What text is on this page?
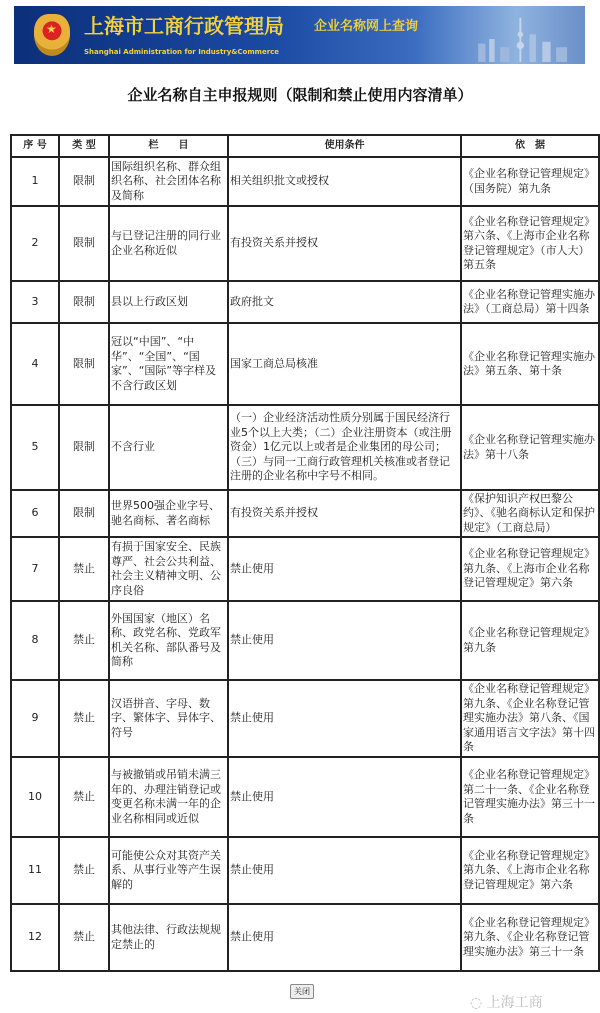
★ 上海市工商行政管理局 企业名称网上查询
Shanghai Administration for Industry&Commerce
企业名称自主申报规则（限制和禁止使用内容清单）
序 号	类 型	栏　　目	使用条件	依　据
1	限制	国际组织名称、群众组织名称、社会团体名称及简称	相关组织批文或授权	《企业名称登记管理规定》（国务院）第九条
2	限制	与已登记注册的同行业企业名称近似	有投资关系并授权	《企业名称登记管理规定》第六条、《上海市企业名称登记管理规定》（市人大）第五条
3	限制	县以上行政区划	政府批文	《企业名称登记管理实施办法》（工商总局）第十四条
4	限制	冠以“中国”、“中华”、“全国”、“国家”、“国际”等字样及不含行政区划	国家工商总局核准	《企业名称登记管理实施办法》第五条、第十条
5	限制	不含行业	（一）企业经济活动性质分别属于国民经济行业5个以上大类；（二）企业注册资本（或注册资金）1亿元以上或者是企业集团的母公司；（三）与同一工商行政管理机关核准或者登记注册的企业名称中字号不相同。	《企业名称登记管理实施办法》第十八条
6	限制	世界500强企业字号、驰名商标、著名商标	有投资关系并授权	《保护知识产权巴黎公约》、《驰名商标认定和保护规定》（工商总局）
7	禁止	有损于国家安全、民族尊严、社会公共利益、社会主义精神文明、公序良俗	禁止使用	《企业名称登记管理规定》第九条、《上海市企业名称登记管理规定》第六条
8	禁止	外国国家（地区）名称、政党名称、党政军机关名称、部队番号及简称	禁止使用	《企业名称登记管理规定》第九条
9	禁止	汉语拼音、字母、数字、繁体字、异体字、符号	禁止使用	《企业名称登记管理规定》第九条、《企业名称登记管理实施办法》第八条、《国家通用语言文字法》第十四条
10	禁止	与被撤销或吊销未满三年的、办理注销登记或变更名称未满一年的企业名称相同或近似	禁止使用	《企业名称登记管理规定》第二十一条、《企业名称登记管理实施办法》第三十一条
11	禁止	可能使公众对其资产关系、从事行业等产生误解的	禁止使用	《企业名称登记管理规定》第九条、《上海市企业名称登记管理规定》第六条
12	禁止	其他法律、行政法规规定禁止的	禁止使用	《企业名称登记管理规定》第九条、《企业名称登记管理实施办法》第三十一条
关闭
◌ 上海工商
